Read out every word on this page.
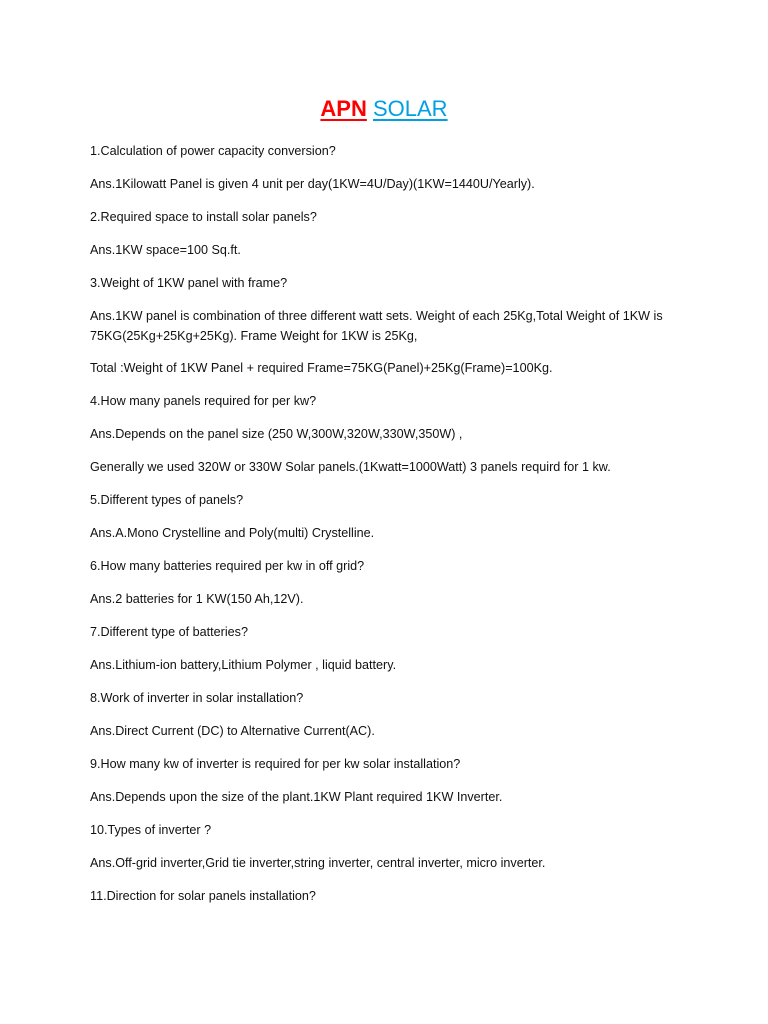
APN SOLAR

1.Calculation of power capacity conversion?

Ans.1Kilowatt Panel is given 4 unit per day(1KW=4U/Day)(1KW=1440U/Yearly).

2.Required space to install solar panels?

Ans.1KW space=100 Sq.ft.

3.Weight of 1KW panel with frame?

Ans.1KW panel is combination of three different watt sets. Weight of each 25Kg,Total Weight of 1KW is 75KG(25Kg+25Kg+25Kg). Frame Weight for 1KW is 25Kg,

Total :Weight of 1KW Panel + required Frame=75KG(Panel)+25Kg(Frame)=100Kg.

4.How many panels required for per kw?

Ans.Depends on the panel size (250 W,300W,320W,330W,350W) ,

Generally we used 320W or 330W Solar panels.(1Kwatt=1000Watt) 3 panels requird for 1 kw.

5.Different types of panels?

Ans.A.Mono Crystelline and Poly(multi) Crystelline.

6.How many batteries required per kw in off grid?

Ans.2 batteries for 1 KW(150 Ah,12V).

7.Different type of batteries?

Ans.Lithium-ion battery,Lithium Polymer , liquid battery.

8.Work of inverter in solar installation?

Ans.Direct Current (DC) to Alternative Current(AC).

9.How many kw of inverter is required for per kw solar installation?

Ans.Depends upon the size of the plant.1KW Plant required 1KW Inverter.

10.Types of inverter ?

Ans.Off-grid inverter,Grid tie inverter,string inverter, central inverter, micro inverter.

11.Direction for solar panels installation?
